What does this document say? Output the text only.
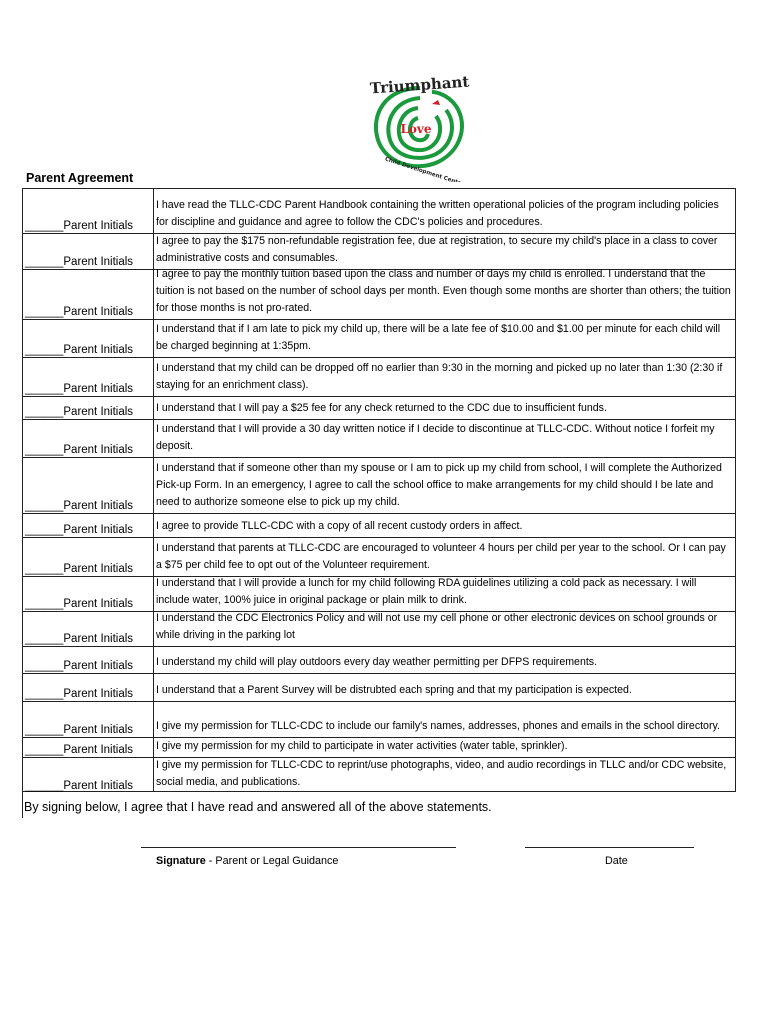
Triumphant
Love
Child Development Center
Parent Agreement
______Parent Initials
I have read the TLLC-CDC Parent Handbook containing the written operational policies of the program including policies for discipline and guidance and agree to follow the CDC's policies and procedures.
______Parent Initials
I agree to pay the $175 non-refundable registration fee, due at registration, to secure my child's place in a class to cover administrative costs and consumables.
______Parent Initials
I agree to pay the monthly tuition based upon the class and number of days my child is enrolled. I understand that the tuition is not based on the number of school days per month. Even though some months are shorter than others; the tuition for those months is not pro-rated.
______Parent Initials
I understand that if I am late to pick my child up, there will be a late fee of $10.00 and $1.00 per minute for each child will be charged beginning at 1:35pm.
______Parent Initials
I understand that my child can be dropped off no earlier than 9:30 in the morning and picked up no later than 1:30 (2:30 if staying for an enrichment class).
______Parent Initials I understand that I will pay a $25 fee for any check returned to the CDC due to insufficient funds.
______Parent Initials
I understand that I will provide a 30 day written notice if I decide to discontinue at TLLC-CDC. Without notice I forfeit my deposit.
______Parent Initials
I understand that if someone other than my spouse or I am to pick up my child from school, I will complete the Authorized Pick-up Form. In an emergency, I agree to call the school office to make arrangements for my child should I be late and need to authorize someone else to pick up my child.
______Parent Initials I agree to provide TLLC-CDC with a copy of all recent custody orders in affect.
______Parent Initials
I understand that parents at TLLC-CDC are encouraged to volunteer 4 hours per child per year to the school. Or I can pay a $75 per child fee to opt out of the Volunteer requirement.
______Parent Initials
I understand that I will provide a lunch for my child following RDA guidelines utilizing a cold pack as necessary. I will include water, 100% juice in original package or plain milk to drink.
______Parent Initials
I understand the CDC Electronics Policy and will not use my cell phone or other electronic devices on school grounds or while driving in the parking lot
______Parent Initials I understand my child will play outdoors every day weather permitting per DFPS requirements.
______Parent Initials I understand that a Parent Survey will be distrubted each spring and that my participation is expected.
______Parent Initials I give my permission for TLLC-CDC to include our family's names, addresses, phones and emails in the school directory.
______Parent Initials I give my permission for my child to participate in water activities (water table, sprinkler).
______Parent Initials
I give my permission for TLLC-CDC to reprint/use photographs, video, and audio recordings in TLLC and/or CDC website, social media, and publications.
By signing below, I agree that I have read and answered all of the above statements.
Signature - Parent or Legal Guidance	Date
